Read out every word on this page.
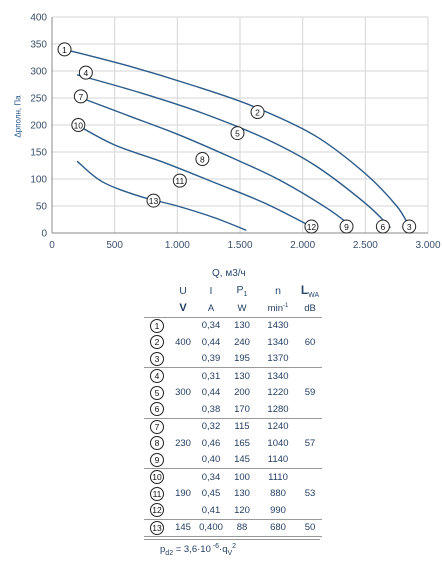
0
50
100
150
200
250
300
350
400
0	500	1.000	1.500	2.000	2.500	3.000
1
2
3
4
5
6
7
8
9
10
11
12
13
Q, м3/ч
Δpполн, Па
	U	I	$P_1$	n	$L_{WA}$
	V	A	W	$\min^{-1}$	dB
1		0,34	130	1430	
2	400	0,44	240	1340	60
3		0,39	195	1370	
4		0,31	130	1340	
5	300	0,44	200	1220	59
6		0,38	170	1280	
7		0,32	115	1240	
8	230	0,46	165	1040	57
9		0,40	145	1140	
10		0,34	100	1110	
11	190	0,45	130	880	53
12		0,41	120	990	
13	145	0,400	88	680	50
$p_{d2} = 3,6\cdot 10$ $^{-6}\cdot q_V^2$
